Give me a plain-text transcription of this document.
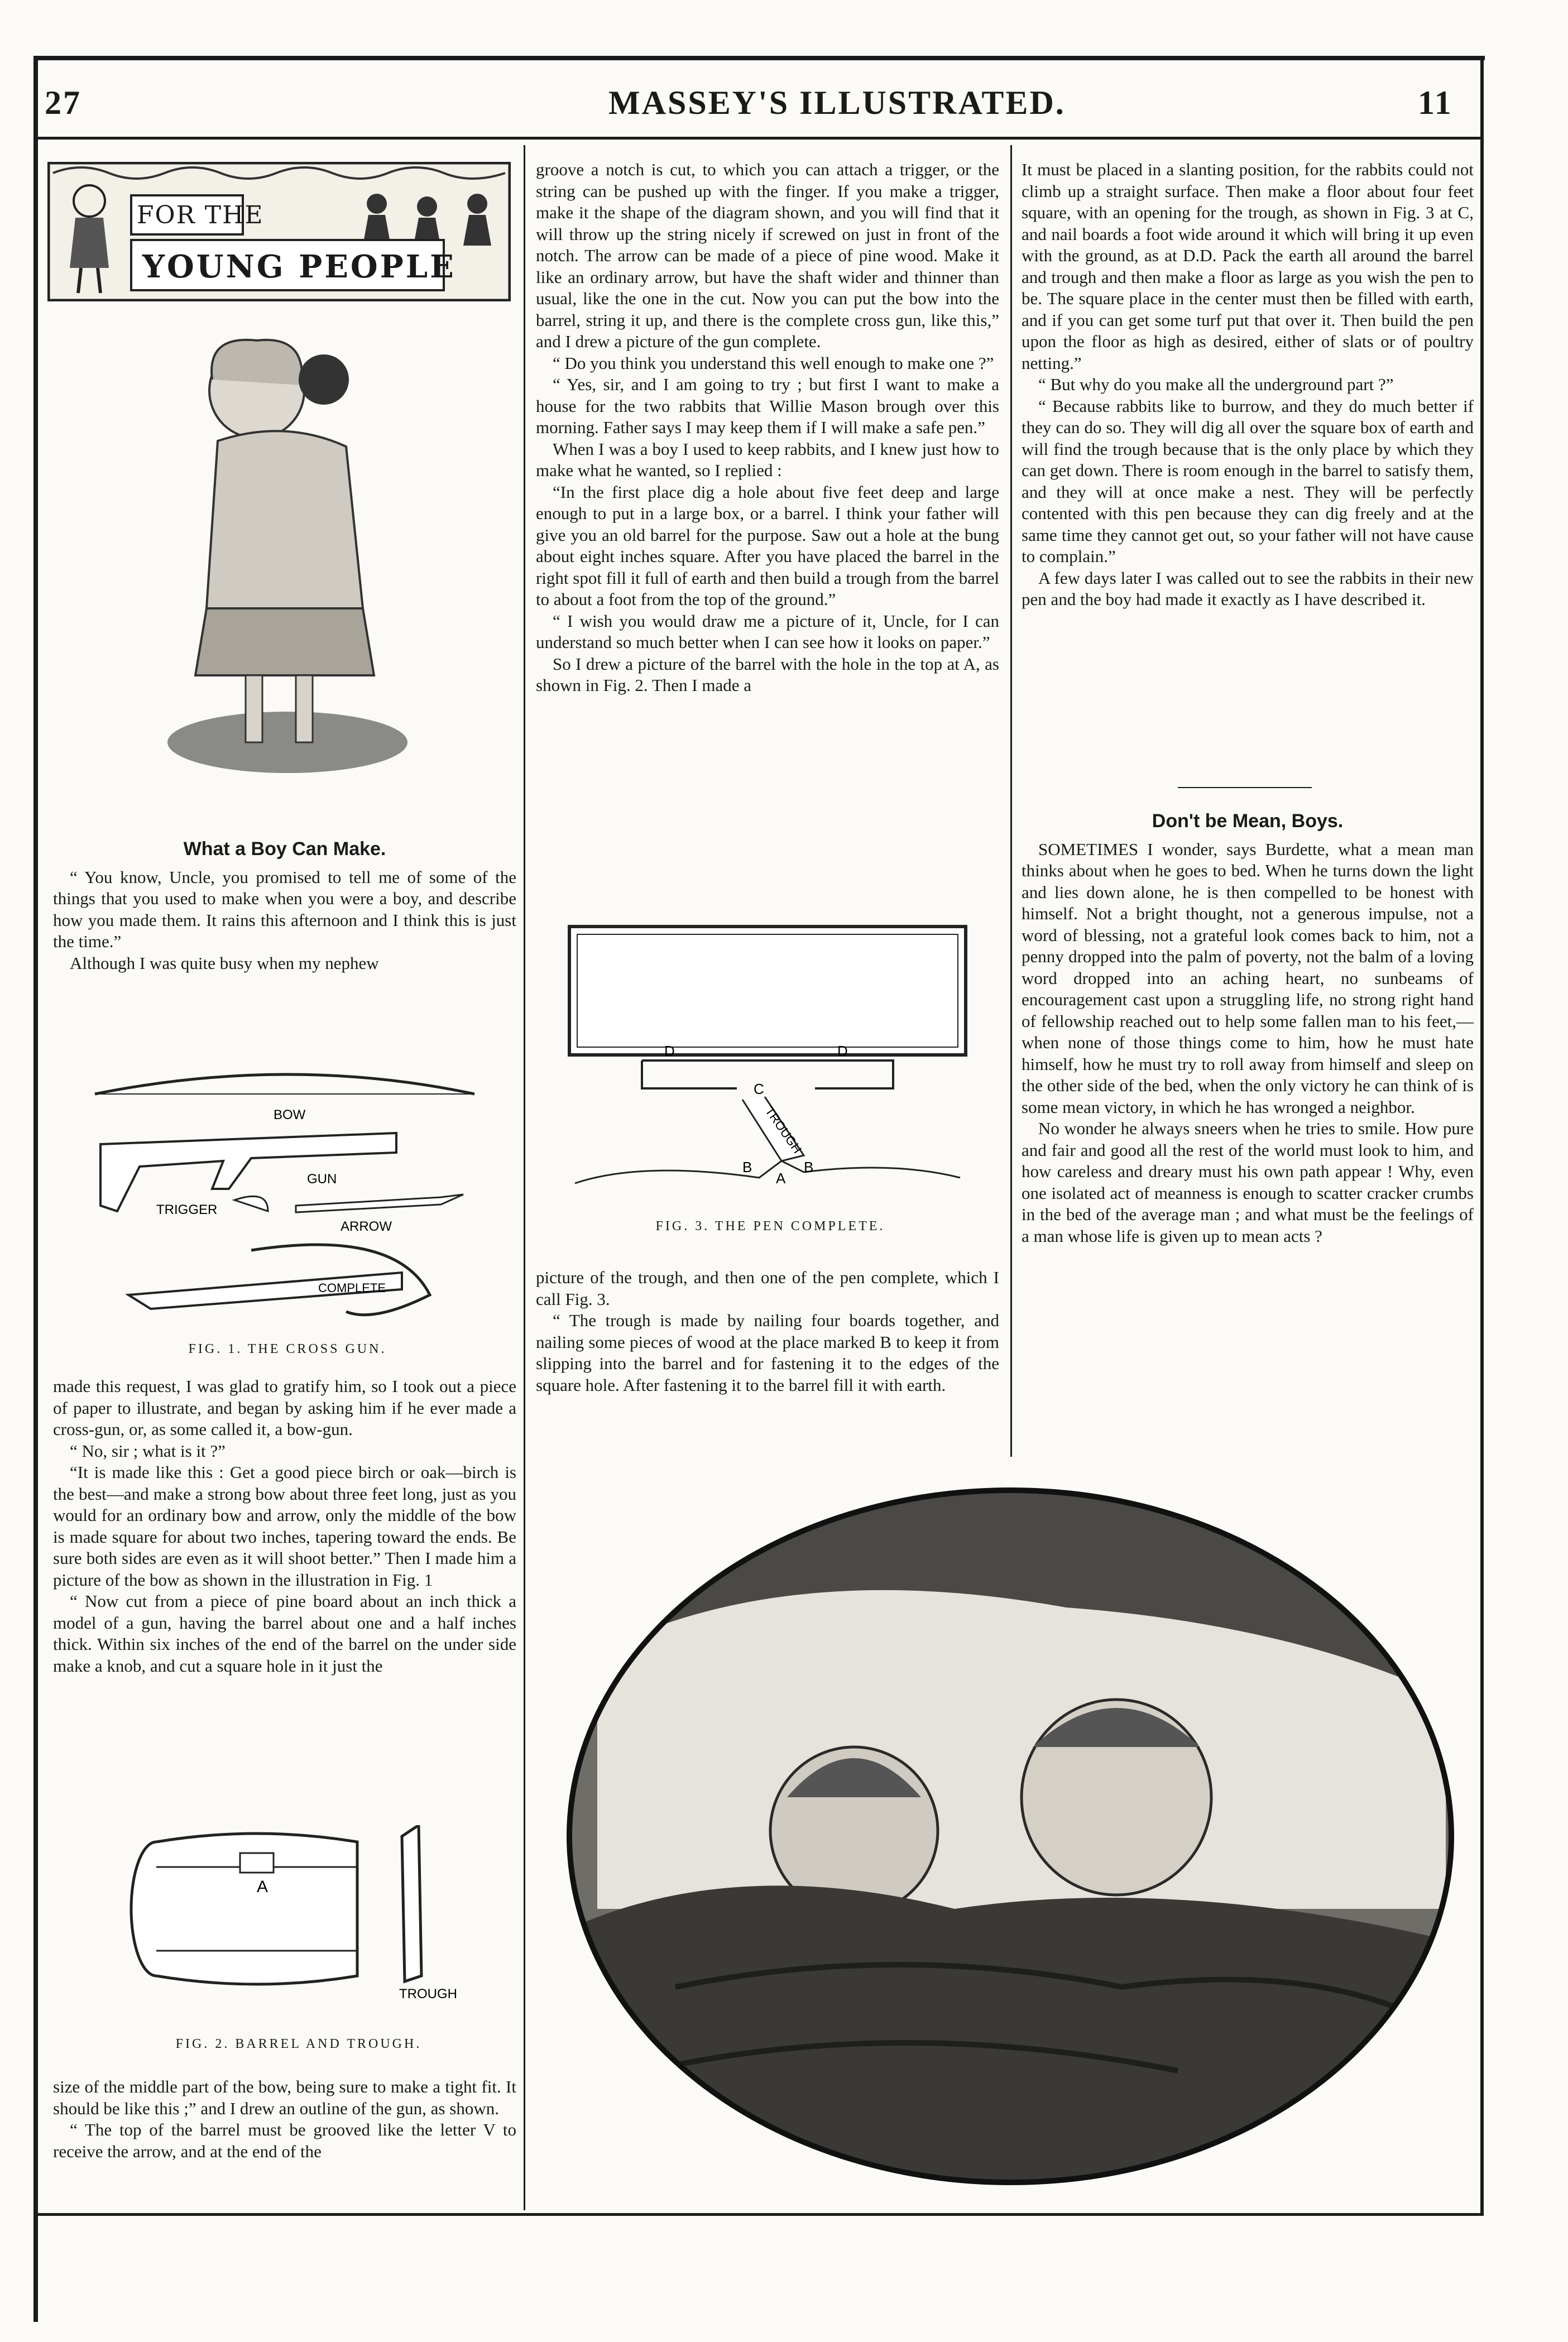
27	MASSEY'S ILLUSTRATED.	11
FOR THE
YOUNG PEOPLE
What a Boy Can Make.

“ You know, Uncle, you promised to tell me of some of the things that you used to make when you were a boy, and describe how you made them. It rains this afternoon and I think this is just the time.”

Although I was quite busy when my nephew

BOW
GUN
TRIGGER
ARROW
COMPLETE
FIG. 1. THE CROSS GUN.

made this request, I was glad to gratify him, so I took out a piece of paper to illustrate, and began by asking him if he ever made a cross-gun, or, as some called it, a bow-gun.

“ No, sir ; what is it ?”

“It is made like this : Get a good piece birch or oak—birch is the best—and make a strong bow about three feet long, just as you would for an ordinary bow and arrow, only the middle of the bow is made square for about two inches, tapering toward the ends. Be sure both sides are even as it will shoot better.” Then I made him a picture of the bow as shown in the illustration in Fig. 1

“ Now cut from a piece of pine board about an inch thick a model of a gun, having the barrel about one and a half inches thick. Within six inches of the end of the barrel on the under side make a knob, and cut a square hole in it just the

A
TROUGH
FIG. 2. BARREL AND TROUGH.

size of the middle part of the bow, being sure to make a tight fit. It should be like this ;” and I drew an outline of the gun, as shown.

“ The top of the barrel must be grooved like the letter V to receive the arrow, and at the end of the

groove a notch is cut, to which you can attach a trigger, or the string can be pushed up with the finger. If you make a trigger, make it the shape of the diagram shown, and you will find that it will throw up the string nicely if screwed on just in front of the notch. The arrow can be made of a piece of pine wood. Make it like an ordinary arrow, but have the shaft wider and thinner than usual, like the one in the cut. Now you can put the bow into the barrel, string it up, and there is the complete cross gun, like this,” and I drew a picture of the gun complete.

“ Do you think you understand this well enough to make one ?”

“ Yes, sir, and I am going to try ; but first I want to make a house for the two rabbits that Willie Mason brough over this morning. Father says I may keep them if I will make a safe pen.”

When I was a boy I used to keep rabbits, and I knew just how to make what he wanted, so I replied :

“In the first place dig a hole about five feet deep and large enough to put in a large box, or a barrel. I think your father will give you an old barrel for the purpose. Saw out a hole at the bung about eight inches square. After you have placed the barrel in the right spot fill it full of earth and then build a trough from the barrel to about a foot from the top of the ground.”

“ I wish you would draw me a picture of it, Uncle, for I can understand so much better when I can see how it looks on paper.”

So I drew a picture of the barrel with the hole in the top at A, as shown in Fig. 2. Then I made a

D	D
C
TROUGH
B
A
B
FIG. 3. THE PEN COMPLETE.

picture of the trough, and then one of the pen complete, which I call Fig. 3.

“ The trough is made by nailing four boards together, and nailing some pieces of wood at the place marked B to keep it from slipping into the barrel and for fastening it to the edges of the square hole. After fastening it to the barrel fill it with earth.

It must be placed in a slanting position, for the rabbits could not climb up a straight surface. Then make a floor about four feet square, with an opening for the trough, as shown in Fig. 3 at C, and nail boards a foot wide around it which will bring it up even with the ground, as at D.D. Pack the earth all around the barrel and trough and then make a floor as large as you wish the pen to be. The square place in the center must then be filled with earth, and if you can get some turf put that over it. Then build the pen upon the floor as high as desired, either of slats or of poultry netting.”

“ But why do you make all the underground part ?”

“ Because rabbits like to burrow, and they do much better if they can do so. They will dig all over the square box of earth and will find the trough because that is the only place by which they can get down. There is room enough in the barrel to satisfy them, and they will at once make a nest. They will be perfectly contented with this pen because they can dig freely and at the same time they cannot get out, so your father will not have cause to complain.”

A few days later I was called out to see the rabbits in their new pen and the boy had made it exactly as I have described it.

Don't be Mean, Boys.

SOMETIMES I wonder, says Burdette, what a mean man thinks about when he goes to bed. When he turns down the light and lies down alone, he is then compelled to be honest with himself. Not a bright thought, not a generous impulse, not a word of blessing, not a grateful look comes back to him, not a penny dropped into the palm of poverty, not the balm of a loving word dropped into an aching heart, no sunbeams of encouragement cast upon a struggling life, no strong right hand of fellowship reached out to help some fallen man to his feet,—when none of those things come to him, how he must hate himself, how he must try to roll away from himself and sleep on the other side of the bed, when the only victory he can think of is some mean victory, in which he has wronged a neighbor.

No wonder he always sneers when he tries to smile. How pure and fair and good all the rest of the world must look to him, and how careless and dreary must his own path appear ! Why, even one isolated act of meanness is enough to scatter cracker crumbs in the bed of the average man ; and what must be the feelings of a man whose life is given up to mean acts ?
